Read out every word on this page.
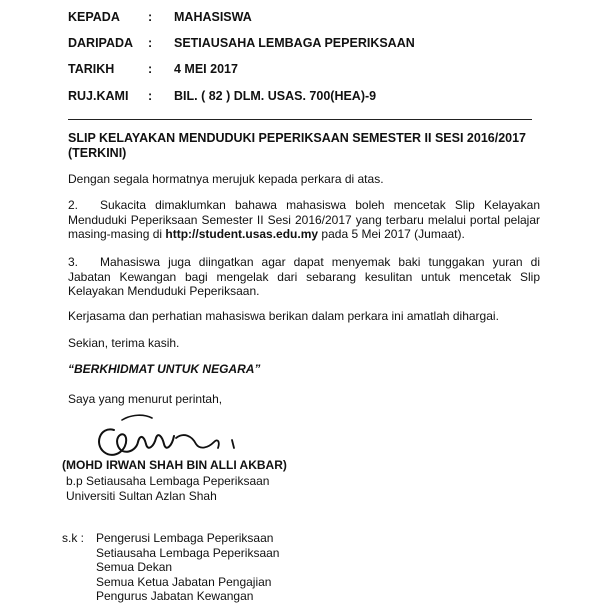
KEPADA : MAHASISWA
DARIPADA : SETIAUSAHA LEMBAGA PEPERIKSAAN
TARIKH	: 4 MEI 2017
RUJ.KAMI : BIL. ( 82 ) DLM. USAS. 700(HEA)-9
SLIP KELAYAKAN MENDUDUKI PEPERIKSAAN SEMESTER II SESI 2016/2017 (TERKINI)
Dengan segala hormatnya merujuk kepada perkara di atas.
2. Sukacita dimaklumkan bahawa mahasiswa boleh mencetak Slip Kelayakan Menduduki Peperiksaan Semester II Sesi 2016/2017 yang terbaru melalui portal pelajar masing-masing di http://student.usas.edu.my pada 5 Mei 2017 (Jumaat).
3. Mahasiswa juga diingatkan agar dapat menyemak baki tunggakan yuran di Jabatan Kewangan bagi mengelak dari sebarang kesulitan untuk mencetak Slip Kelayakan Menduduki Peperiksaan.
Kerjasama dan perhatian mahasiswa berikan dalam perkara ini amatlah dihargai.
Sekian, terima kasih.
“BERKHIDMAT UNTUK NEGARA”
Saya yang menurut perintah,
(MOHD IRWAN SHAH BIN ALLI AKBAR)
b.p Setiausaha Lembaga Peperiksaan
Universiti Sultan Azlan Shah
s.k : Pengerusi Lembaga Peperiksaan
Setiausaha Lembaga Peperiksaan
Semua Dekan
Semua Ketua Jabatan Pengajian
Pengurus Jabatan Kewangan
